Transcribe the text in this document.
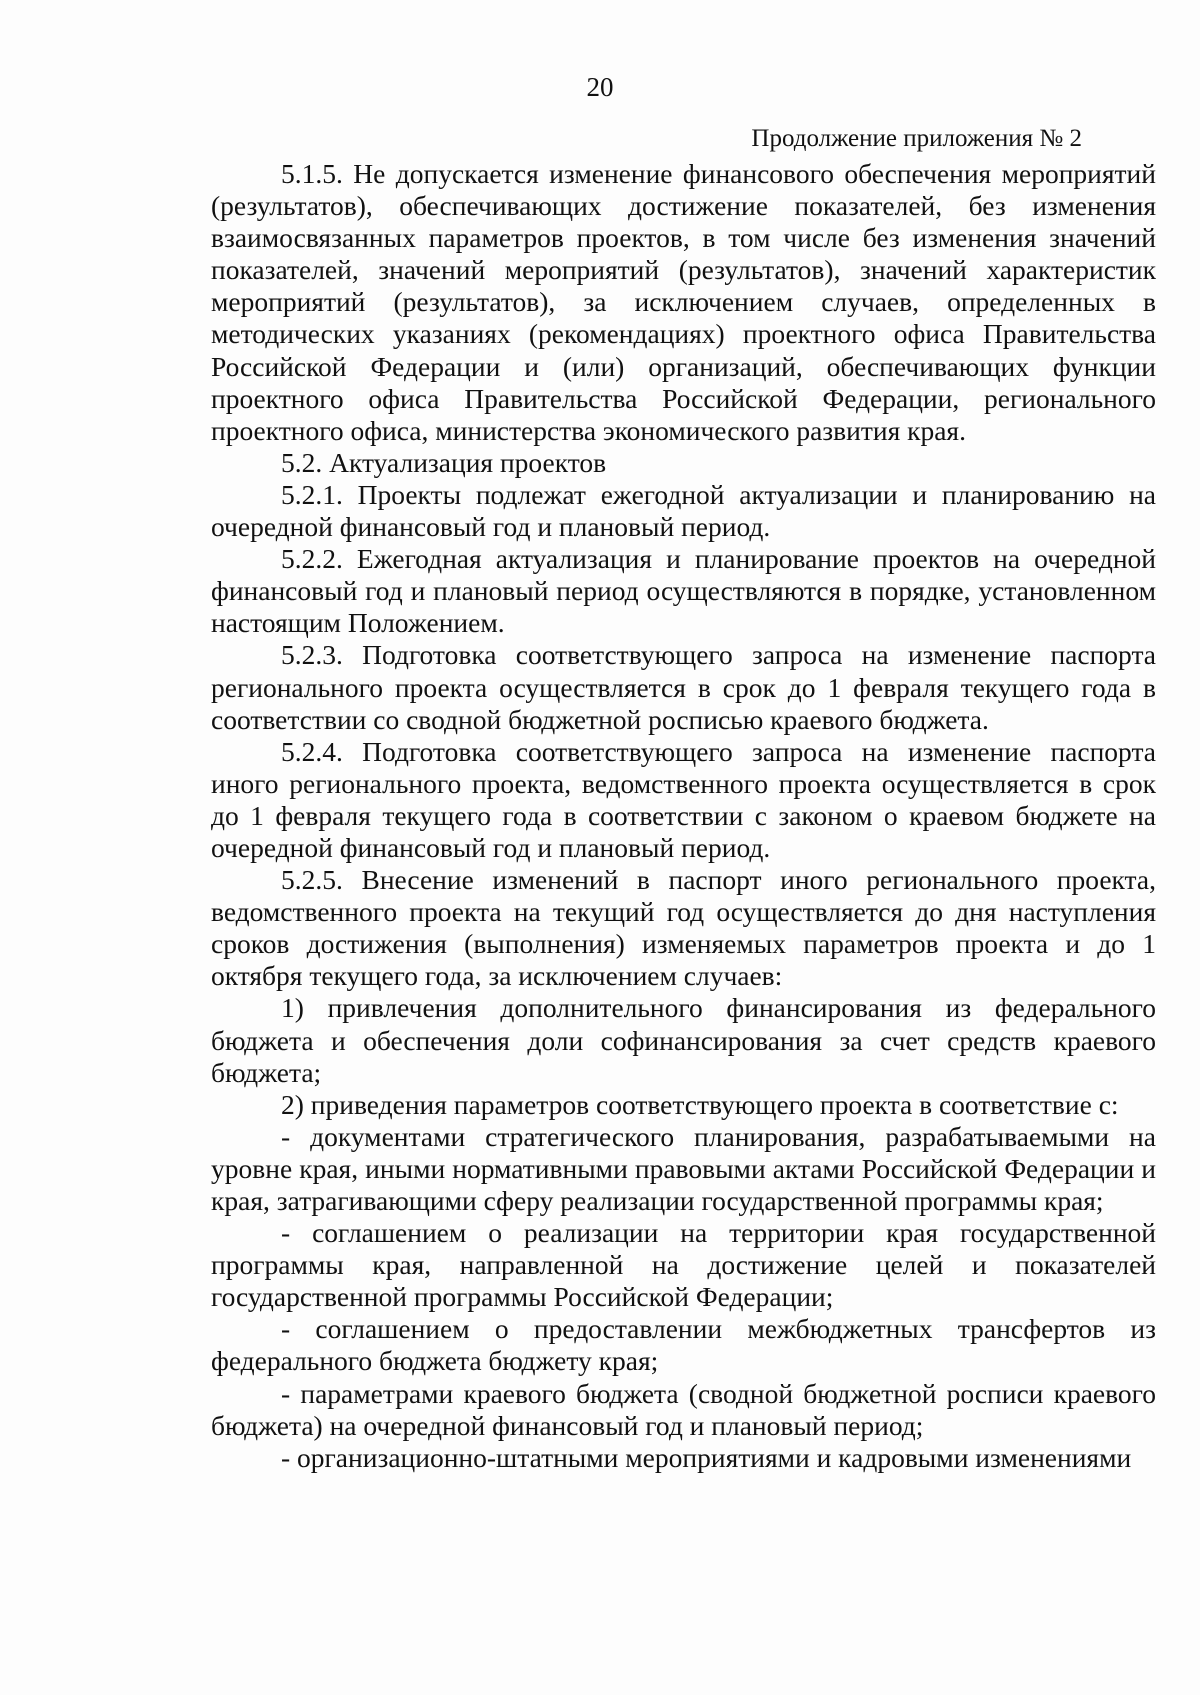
20
Продолжение приложения № 2

5.1.5. Не допускается изменение финансового обеспечения мероприятий (результатов), обеспечивающих достижение показателей, без изменения взаимосвязанных параметров проектов, в том числе без изменения значений показателей, значений мероприятий (результатов), значений характеристик мероприятий (результатов), за исключением случаев, определенных в методических указаниях (рекомендациях) проектного офиса Правительства Российской Федерации и (или) организаций, обеспечивающих функции проектного офиса Правительства Российской Федерации, регионального проектного офиса, министерства экономического развития края.

5.2. Актуализация проектов

5.2.1. Проекты подлежат ежегодной актуализации и планированию на очередной финансовый год и плановый период.

5.2.2. Ежегодная актуализация и планирование проектов на очередной финансовый год и плановый период осуществляются в порядке, установленном настоящим Положением.

5.2.3. Подготовка соответствующего запроса на изменение паспорта регионального проекта осуществляется в срок до 1 февраля текущего года в соответствии со сводной бюджетной росписью краевого бюджета.

5.2.4. Подготовка соответствующего запроса на изменение паспорта иного регионального проекта, ведомственного проекта осуществляется в срок до 1 февраля текущего года в соответствии с законом о краевом бюджете на очередной финансовый год и плановый период.

5.2.5. Внесение изменений в паспорт иного регионального проекта, ведомственного проекта на текущий год осуществляется до дня наступления сроков достижения (выполнения) изменяемых параметров проекта и до 1 октября текущего года, за исключением случаев:

1) привлечения дополнительного финансирования из федерального бюджета и обеспечения доли софинансирования за счет средств краевого бюджета;

2) приведения параметров соответствующего проекта в соответствие с:

- документами стратегического планирования, разрабатываемыми на уровне края, иными нормативными правовыми актами Российской Федерации и края, затрагивающими сферу реализации государственной программы края;

- соглашением о реализации на территории края государственной программы края, направленной на достижение целей и показателей государственной программы Российской Федерации;

- соглашением о предоставлении межбюджетных трансфертов из федерального бюджета бюджету края;

- параметрами краевого бюджета (сводной бюджетной росписи краевого бюджета) на очередной финансовый год и плановый период;

- организационно-штатными мероприятиями и кадровыми изменениями
